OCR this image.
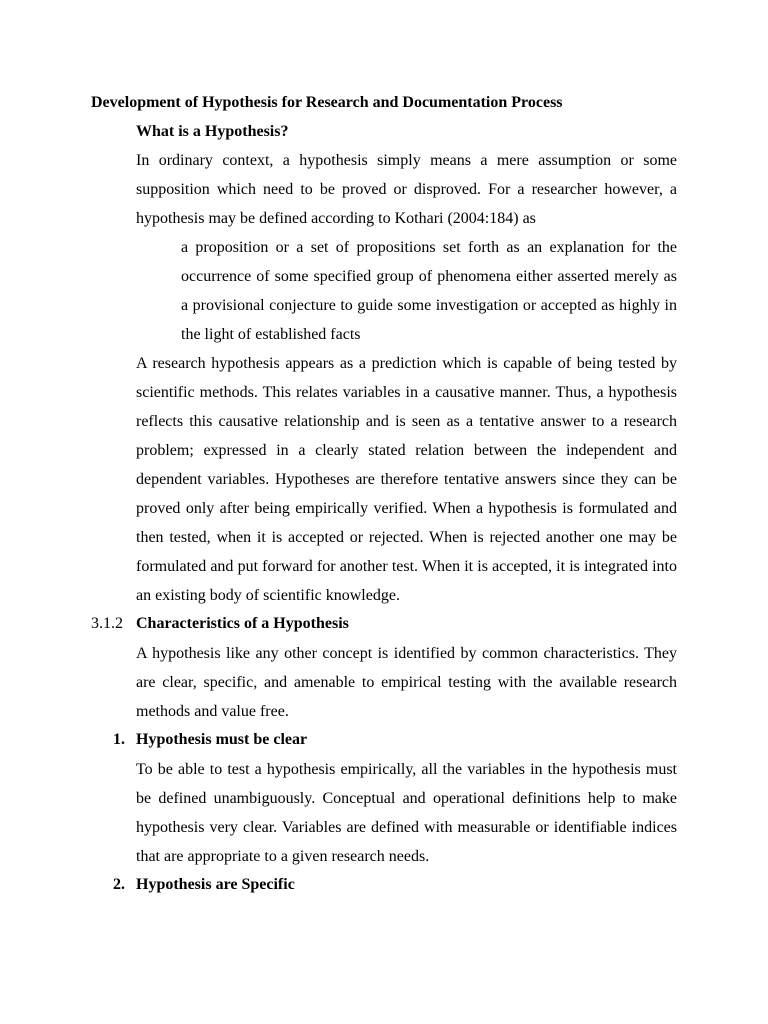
Development of Hypothesis for Research and Documentation Process
What is a Hypothesis?

In ordinary context, a hypothesis simply means a mere assumption or some supposition which need to be proved or disproved. For a researcher however, a hypothesis may be defined according to Kothari (2004:184) as

a proposition or a set of propositions set forth as an explanation for the occurrence of some specified group of phenomena either asserted merely as a provisional conjecture to guide some investigation or accepted as highly in the light of established facts

A research hypothesis appears as a prediction which is capable of being tested by scientific methods. This relates variables in a causative manner. Thus, a hypothesis reflects this causative relationship and is seen as a tentative answer to a research problem; expressed in a clearly stated relation between the independent and dependent variables. Hypotheses are therefore tentative answers since they can be proved only after being empirically verified. When a hypothesis is formulated and then tested, when it is accepted or rejected. When is rejected another one may be formulated and put forward for another test. When it is accepted, it is integrated into an existing body of scientific knowledge.

3.1.2 Characteristics of a Hypothesis

A hypothesis like any other concept is identified by common characteristics. They are clear, specific, and amenable to empirical testing with the available research methods and value free.

1. Hypothesis must be clear

To be able to test a hypothesis empirically, all the variables in the hypothesis must be defined unambiguously. Conceptual and operational definitions help to make hypothesis very clear. Variables are defined with measurable or identifiable indices that are appropriate to a given research needs.

2. Hypothesis are Specific
